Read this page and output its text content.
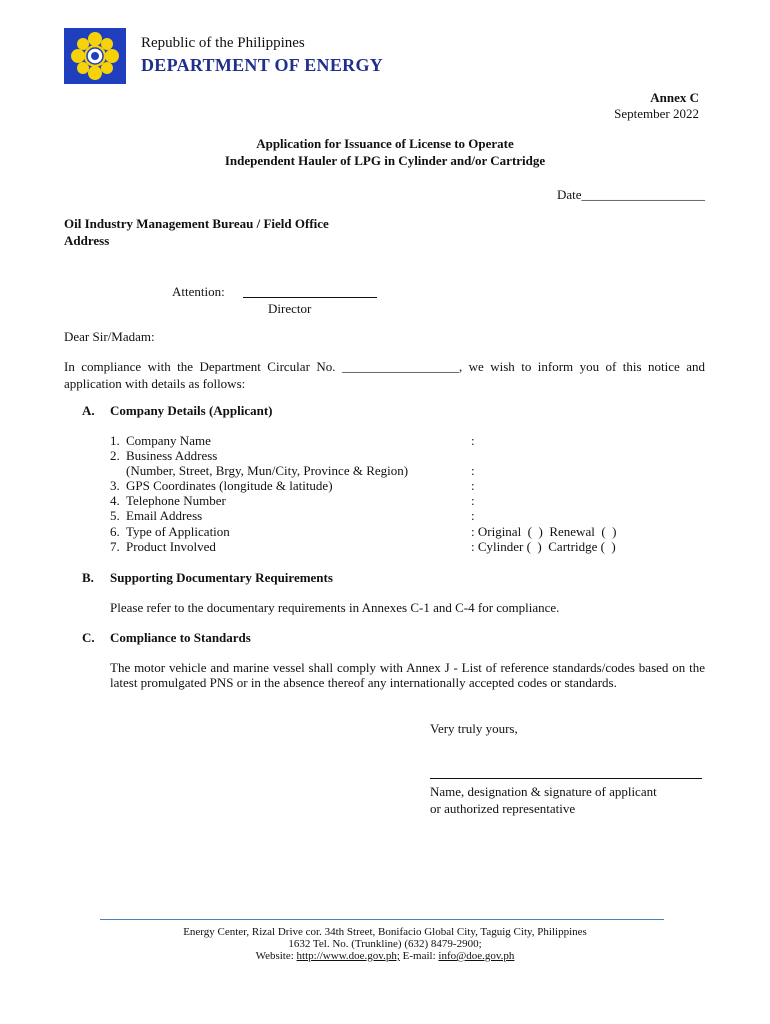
Republic of the Philippines
DEPARTMENT OF ENERGY
Annex C
September 2022
Application for Issuance of License to Operate
Independent Hauler of LPG in Cylinder and/or Cartridge
Date___________________
Oil Industry Management Bureau / Field Office
Address
Attention:
Director
Dear Sir/Madam:
In compliance with the Department Circular No. __________________, we wish to inform you of this notice and application with details as follows:
A. Company Details (Applicant)
1. Company Name	:
2. Business Address
(Number, Street, Brgy, Mun/City, Province & Region)	:
3. GPS Coordinates (longitude & latitude)	:
4. Telephone Number	:
5. Email Address	:
6. Type of Application	: Original  (  )  Renewal  (  )
7. Product Involved	: Cylinder (  )  Cartridge (  )
B. Supporting Documentary Requirements
Please refer to the documentary requirements in Annexes C-1 and C-4 for compliance.
C. Compliance to Standards
The motor vehicle and marine vessel shall comply with Annex J - List of reference standards/codes based on the latest promulgated PNS or in the absence thereof any internationally accepted codes or standards.
Very truly yours,
Name, designation & signature of applicant
or authorized representative
Energy Center, Rizal Drive cor. 34th Street, Bonifacio Global City, Taguig City, Philippines
1632 Tel. No. (Trunkline) (632) 8479-2900;
Website: http://www.doe.gov.ph; E-mail: info@doe.gov.ph
